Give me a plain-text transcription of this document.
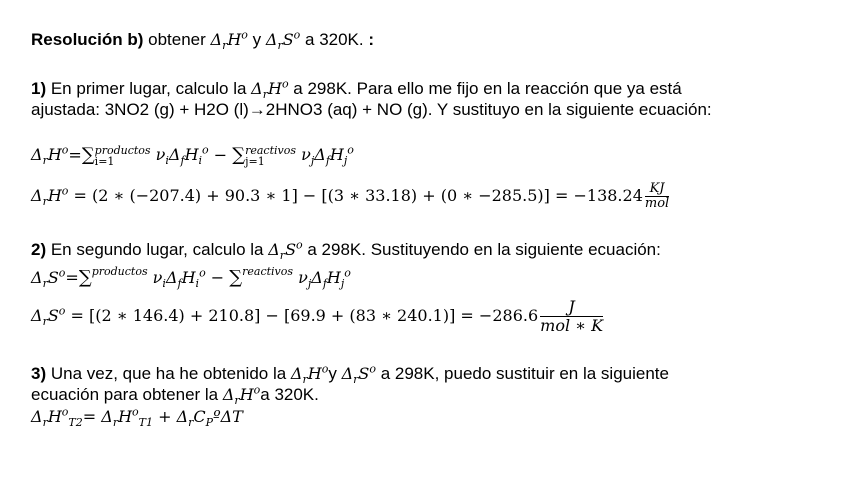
Resolución b) obtener $\Delta_rH^o$ y $\Delta_rS^o$ a 320K. :
1) En primer lugar, calculo la $\Delta_rH^o$ a 298K. Para ello me fijo en la reacción que ya está
ajustada: 3NO2 (g) + H2O (l)→2HNO3 (aq) + NO (g). Y sustituyo en la siguiente ecuación:
$\Delta_rH^o=\sum$ productos
i=1	$\nu_i\Delta_fH_i^o$ − ∑ reactivos
j=1	$\nu_j\Delta_fH_j^o$
$\Delta_rH^o = (2$ ∗ (−207.4) + 90.3 ∗ 1] − [(3 ∗ 33.18) + (0 ∗ $-285.5)] = -138.24 \frac{KJ}{\text{mol}}$
2) En segundo lugar, calculo la $\Delta_rS^o$ a 298K. Sustituyendo en la siguiente ecuación:
$\Delta_rS^o=\sum^{productos}$ $\nu_i\Delta_fH_i^o - \sum^{reactivos}$ $\nu_j\Delta_fH_j^o$
$\Delta_rS^o = [(2$ ∗ 146.4) + 210.8] − [69.9 + (83 ∗ $240.1)] = -286.6 \frac{J}{\text{mol ∗ K}}$
3) Una vez, que ha he obtenido la $\Delta_rH^oy$ $\Delta_rS^o$ a 298K, puedo sustituir en la siguiente
ecuación para obtener la $\Delta_rH^oa$ 320K.
$\Delta_rH^o_{T2}= \Delta_rH^o_{T1}$ + $\Delta_rC_Pº\Delta T$
